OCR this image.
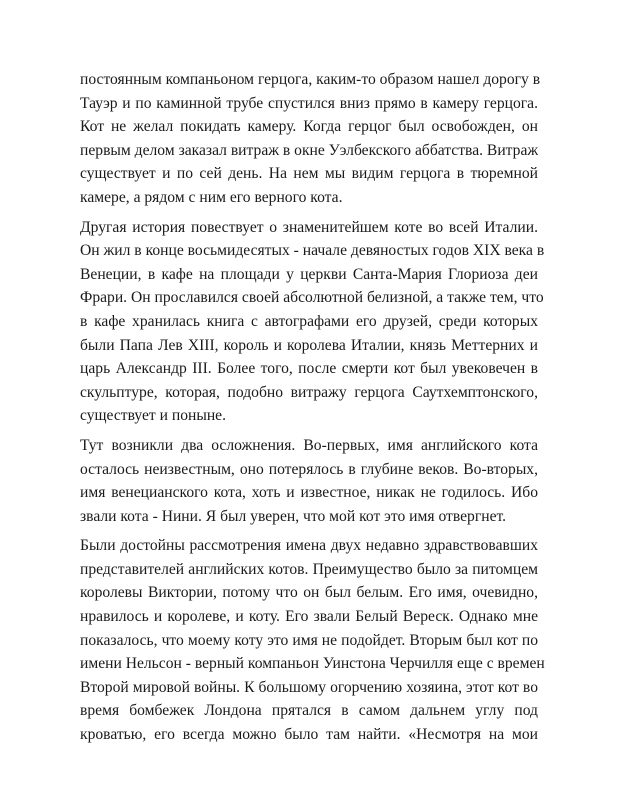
постоянным компаньоном герцога, каким-то образом нашел дорогу в
Тауэр и по каминной трубе спустился вниз прямо в камеру герцога.
Кот не желал покидать камеру. Когда герцог был освобожден, он
первым делом заказал витраж в окне Уэлбекского аббатства. Витраж
существует и по сей день. На нем мы видим герцога в тюремной
камере, а рядом с ним его верного кота.

Другая история повествует о знаменитейшем коте во всей Италии.
Он жил в конце восьмидесятых - начале девяностых годов XIX века в
Венеции, в кафе на площади у церкви Санта-Мария Глориоза деи
Фрари. Он прославился своей абсолютной белизной, а также тем, что
в кафе хранилась книга с автографами его друзей, среди которых
были Папа Лев XIII, король и королева Италии, князь Меттерних и
царь Александр III. Более того, после смерти кот был увековечен в
скульптуре, которая, подобно витражу герцога Саутхемптонского,
существует и поныне.

Тут возникли два осложнения. Во-первых, имя английского кота
осталось неизвестным, оно потерялось в глубине веков. Во-вторых,
имя венецианского кота, хоть и известное, никак не годилось. Ибо
звали кота - Нини. Я был уверен, что мой кот это имя отвергнет.

Были достойны рассмотрения имена двух недавно здравствовавших
представителей английских котов. Преимущество было за питомцем
королевы Виктории, потому что он был белым. Его имя, очевидно,
нравилось и королеве, и коту. Его звали Белый Вереск. Однако мне
показалось, что моему коту это имя не подойдет. Вторым был кот по
имени Нельсон - верный компаньон Уинстона Черчилля еще с времен
Второй мировой войны. К большому огорчению хозяина, этот кот во
время бомбежек Лондона прятался в самом дальнем углу под
кроватью, его всегда можно было там найти. «Несмотря на мои
